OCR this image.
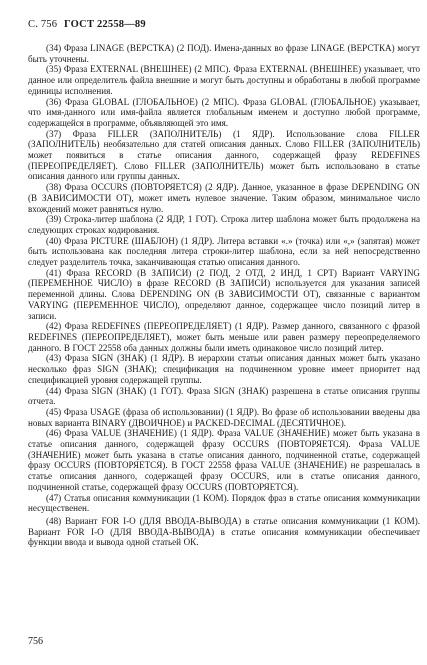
С. 756 ГОСТ 22558—89

(34) Фраза LINAGE (ВЕРСТКА) (2 ПОД). Имена-данных во фразе LINAGE (ВЕРСТКА) могут быть уточнены.

(35) Фраза EXTERNAL (ВНЕШНЕЕ) (2 МПС). Фраза EXTERNAL (ВНЕШНЕЕ) указывает, что данное или определитель файла внешние и могут быть доступны и обработаны в любой программе единицы исполнения.

(36) Фраза GLOBAL (ГЛОБАЛЬНОЕ) (2 МПС). Фраза GLOBAL (ГЛОБАЛЬНОЕ) указывает, что имя-данного или имя-файла является глобальным именем и доступно любой программе, содержащейся в программе, объявляющей это имя.

(37) Фраза FILLER (ЗАПОЛНИТЕЛЬ) (1 ЯДР). Использование слова FILLER (ЗАПОЛНИТЕЛЬ) необязательно для статей описания данных. Слово FILLER (ЗАПОЛНИТЕЛЬ) может появиться в статье описания данного, содержащей фразу REDEFINES (ПЕРЕОПРЕДЕЛЯЕТ). Слово FILLER (ЗАПОЛНИТЕЛЬ) может быть использовано в статье описания данного или группы данных.

(38) Фраза OCCURS (ПОВТОРЯЕТСЯ) (2 ЯДР). Данное, указанное в фразе DEPENDING ON (В ЗАВИСИМОСТИ ОТ), может иметь нулевое значение. Таким образом, минимальное число вхождений может равняться нулю.

(39) Строка-литер шаблона (2 ЯДР, 1 ГОТ). Строка литер шаблона может быть продолжена на следующих строках кодирования.

(40) Фраза PICTURE (ШАБЛОН) (1 ЯДР). Литера вставки «.» (точка) или «,» (запятая) может быть использована как последняя литера строки-литер шаблона, если за ней непосредственно следует разделитель точка, заканчивающая статью описания данного.

(41) Фраза RECORD (В ЗАПИСИ) (2 ПОД, 2 ОТД, 2 ИНД, 1 СРТ) Вариант VARYING (ПЕРЕМЕННОЕ ЧИСЛО) в фразе RECORD (В ЗАПИСИ) используется для указания записей переменной длины. Слова DEPENDING ON (В ЗАВИСИМОСТИ ОТ), связанные с вариантом VARYING (ПЕРЕМЕННОЕ ЧИСЛО), определяют данное, содержащее число позиций литер в записи.

(42) Фраза REDEFINES (ПЕРЕОПРЕДЕЛЯЕТ) (1 ЯДР). Размер данного, связанного с фразой REDEFINES (ПЕРЕОПРЕДЕЛЯЕТ), может быть меньше или равен размеру переопределяемого данного. В ГОСТ 22558 оба данных должны были иметь одинаковое число позиций литер.

(43) Фраза SIGN (ЗНАК) (1 ЯДР). В иерархии статьи описания данных может быть указано несколько фраз SIGN (ЗНАК); спецификация на подчиненном уровне имеет приоритет над спецификацией уровня содержащей группы.

(44) Фраза SIGN (ЗНАК) (1 ГОТ). Фраза SIGN (ЗНАК) разрешена в статье описания группы отчета.

(45) Фраза USAGE (фраза об использовании) (1 ЯДР). Во фразе об использовании введены два новых варианта BINARY (ДВОИЧНОЕ) и PACKED-DECIMAL (ДЕСЯТИЧНОЕ).

(46) Фраза VALUE (ЗНАЧЕНИЕ) (1 ЯДР). Фраза VALUE (ЗНАЧЕНИЕ) может быть указана в статье описания данного, содержащей фразу OCCURS (ПОВТОРЯЕТСЯ). Фраза VALUE (ЗНАЧЕНИЕ) может быть указана в статье описания данного, подчиненной статье, содержащей фразу OCCURS (ПОВТОРЯЕТСЯ). В ГОСТ 22558 фраза VALUE (ЗНАЧЕНИЕ) не разрешалась в статье описания данного, содержащей фразу OCCURS, или в статье описания данного, подчиненной статье, содержащей фразу OCCURS (ПОВТОРЯЕТСЯ).

(47) Статья описания коммуникации (1 КОМ). Порядок фраз в статье описания коммуникации несущественен.

(48) Вариант FOR I-O (ДЛЯ ВВОДА-ВЫВОДА) в статье описания коммуникации (1 КОМ). Вариант FOR I-O (ДЛЯ ВВОДА-ВЫВОДА) в статье описания коммуникации обеспечивает функции ввода и вывода одной статьей ОК.

756
